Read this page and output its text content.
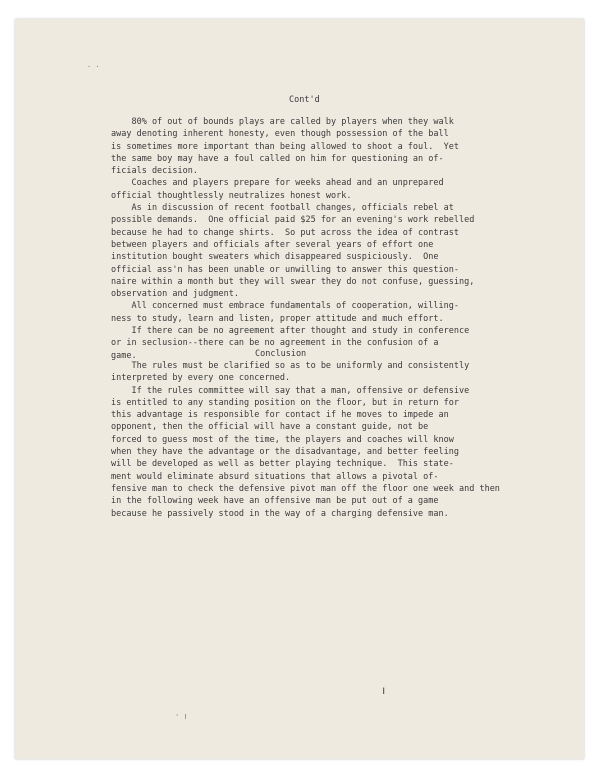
· ·
Cont'd
80% of out of bounds plays are called by players when they walk
away denoting inherent honesty, even though possession of the ball
is sometimes more important than being allowed to shoot a foul.  Yet
the same boy may have a foul called on him for questioning an of-
ficials decision.
Coaches and players prepare for weeks ahead and an unprepared
official thoughtlessly neutralizes honest work.
As in discussion of recent football changes, officials rebel at
possible demands.  One official paid $25 for an evening's work rebelled
because he had to change shirts.  So put across the idea of contrast
between players and officials after several years of effort one
institution bought sweaters which disappeared suspiciously.  One
official ass'n has been unable or unwilling to answer this question-
naire within a month but they will swear they do not confuse, guessing,
observation and judgment.
All concerned must embrace fundamentals of cooperation, willing-
ness to study, learn and listen, proper attitude and much effort.
If there can be no agreement after thought and study in conference
or in seclusion--there can be no agreement in the confusion of a
game.	Conclusion
The rules must be clarified so as to be uniformly and consistently
interpreted by every one concerned.
If the rules committee will say that a man, offensive or defensive
is entitled to any standing position on the floor, but in return for
this advantage is responsible for contact if he moves to impede an
opponent, then the official will have a constant guide, not be
forced to guess most of the time, the players and coaches will know
when they have the advantage or the disadvantage, and better feeling
will be developed as well as better playing technique.  This state-
ment would eliminate absurd situations that allows a pivotal of-
fensive man to check the defensive pivot man off the floor one week and then
in the following week have an offensive man be put out of a game
because he passively stood in the way of a charging defensive man.
ǀ
' ǀ
